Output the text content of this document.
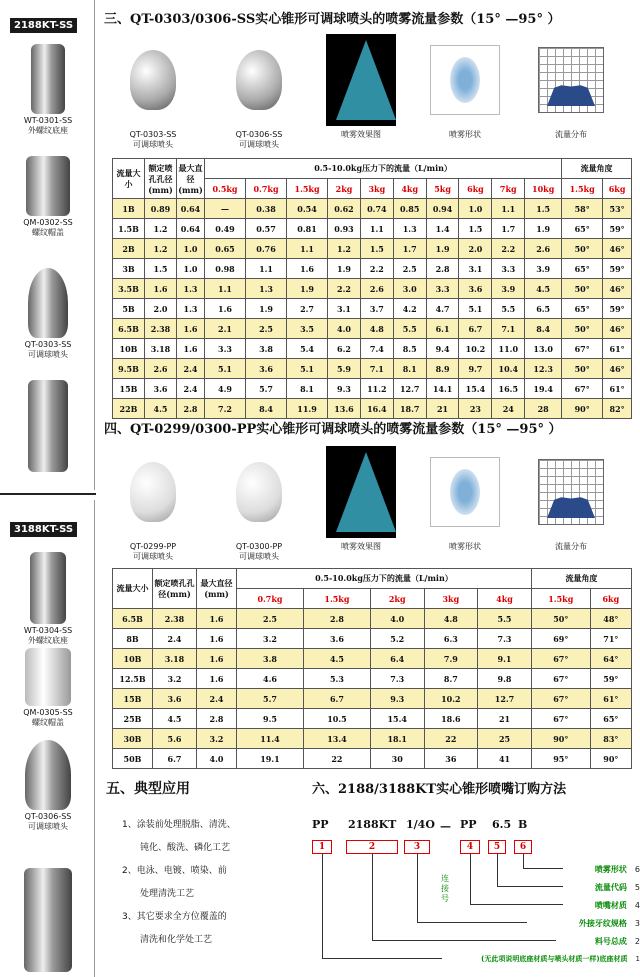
2188KT-SS
WT-0301-SS
外螺纹底座
QM-0302-SS
螺纹帽盖
QT-0303-SS
可调球喷头
3188KT-SS
WT-0304-SS
外螺纹底座
QM-0305-SS
螺纹帽盖
QT-0306-SS
可调球喷头
三、QT-0303/0306-SS实心锥形可调球喷头的喷雾流量参数（15° —95° ）
QT-0303-SS
可调球喷头
QT-0306-SS
可调球喷头
喷雾效果图	喷雾形状	流量分布
流量大小	额定喷孔孔径(mm)	最大直径(mm)	0.5-10.0kg压力下的流量（L/min）										流量角度	
			0.5kg	0.7kg	1.5kg	2kg	3kg	4kg	5kg	6kg	7kg	10kg	1.5kg	6kg
1B	0.89	0.64	—	0.38	0.54	0.62	0.74	0.85	0.94	1.0	1.1	1.5	58°	53°
1.5B	1.2	0.64	0.49	0.57	0.81	0.93	1.1	1.3	1.4	1.5	1.7	1.9	65°	59°
2B	1.2	1.0	0.65	0.76	1.1	1.2	1.5	1.7	1.9	2.0	2.2	2.6	50°	46°
3B	1.5	1.0	0.98	1.1	1.6	1.9	2.2	2.5	2.8	3.1	3.3	3.9	65°	59°
3.5B	1.6	1.3	1.1	1.3	1.9	2.2	2.6	3.0	3.3	3.6	3.9	4.5	50°	46°
5B	2.0	1.3	1.6	1.9	2.7	3.1	3.7	4.2	4.7	5.1	5.5	6.5	65°	59°
6.5B	2.38	1.6	2.1	2.5	3.5	4.0	4.8	5.5	6.1	6.7	7.1	8.4	50°	46°
10B	3.18	1.6	3.3	3.8	5.4	6.2	7.4	8.5	9.4	10.2	11.0	13.0	67°	61°
9.5B	2.6	2.4	5.1	3.6	5.1	5.9	7.1	8.1	8.9	9.7	10.4	12.3	50°	46°
15B	3.6	2.4	4.9	5.7	8.1	9.3	11.2	12.7	14.1	15.4	16.5	19.4	67°	61°
22B	4.5	2.8	7.2	8.4	11.9	13.6	16.4	18.7	21	23	24	28	90°	82°
四、QT-0299/0300-PP实心锥形可调球喷头的喷雾流量参数（15° —95° ）
QT-0299-PP
可调球喷头
QT-0300-PP
可调球喷头
喷雾效果图	喷雾形状	流量分布
流量大小	额定喷孔孔径(mm)	最大直径(mm)	0.5-10.0kg压力下的流量（L/min）					流量角度	
			0.7kg	1.5kg	2kg	3kg	4kg	1.5kg	6kg
6.5B	2.38	1.6	2.5	2.8	4.0	4.8	5.5	50°	48°
8B	2.4	1.6	3.2	3.6	5.2	6.3	7.3	69°	71°
10B	3.18	1.6	3.8	4.5	6.4	7.9	9.1	67°	64°
12.5B	3.2	1.6	4.6	5.3	7.3	8.7	9.8	67°	59°
15B	3.6	2.4	5.7	6.7	9.3	10.2	12.7	67°	61°
25B	4.5	2.8	9.5	10.5	15.4	18.6	21	67°	65°
30B	5.6	3.2	11.4	13.4	18.1	22	25	90°	83°
50B	6.7	4.0	19.1	22	30	36	41	95°	90°
五、典型应用
1、涂装前处理脱脂、清洗、
钝化、酸洗、磷化工艺
2、电泳、电镀、喷染、前
处理清洗工艺
3、其它要求全方位覆盖的
清洗和化学处工艺
六、2188/3188KT实心锥形喷嘴订购方法
PP 2188KT 1/4O — PP 6.5 B
1	2	3	4	5	6
连接号
喷雾形状 6
流量代码 5
喷嘴材质 4
外接牙纹规格 3
料号总成 2
(无此项说明底座材质与喷头材质一样)底座材质 1
